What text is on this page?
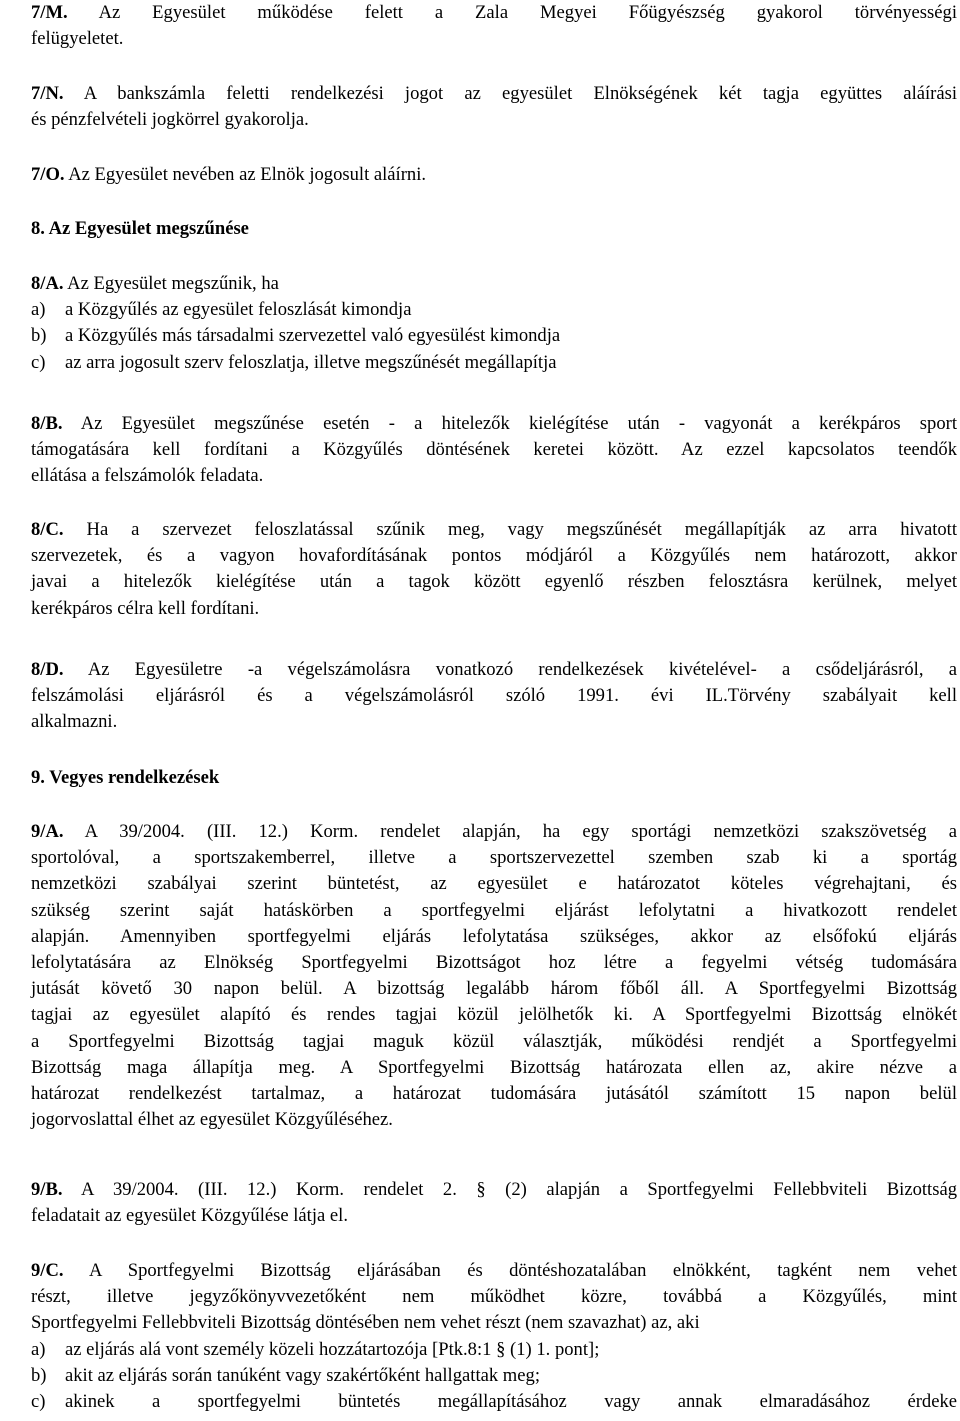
7/M. Az Egyesület működése felett a Zala Megyei Főügyészség gyakorol törvényességi
felügyeletet.
7/N. A bankszámla feletti rendelkezési jogot az egyesület Elnökségének két tagja együttes aláírási
és pénzfelvételi jogkörrel gyakorolja.
7/O. Az Egyesület nevében az Elnök jogosult aláírni.
8. Az Egyesület megszűnése
8/A. Az Egyesület megszűnik, ha
a) a Közgyűlés az egyesület feloszlását kimondja
b) a Közgyűlés más társadalmi szervezettel való egyesülést kimondja
c) az arra jogosult szerv feloszlatja, illetve megszűnését megállapítja
8/B. Az Egyesület megszűnése esetén - a hitelezők kielégítése után - vagyonát a kerékpáros sport
támogatására kell fordítani a Közgyűlés döntésének keretei között. Az ezzel kapcsolatos teendők
ellátása a felszámolók feladata.
8/C. Ha a szervezet feloszlatással szűnik meg, vagy megszűnését megállapítják az arra hivatott
szervezetek, és a vagyon hovafordításának pontos módjáról a Közgyűlés nem határozott, akkor
javai a hitelezők kielégítése után a tagok között egyenlő részben felosztásra kerülnek, melyet
kerékpáros célra kell fordítani.
8/D. Az Egyesületre -a végelszámolásra vonatkozó rendelkezések kivételével- a csődeljárásról, a
felszámolási eljárásról és a végelszámolásról szóló 1991. évi IL.Törvény szabályait kell
alkalmazni.
9. Vegyes rendelkezések
9/A. A 39/2004. (III. 12.) Korm. rendelet alapján, ha egy sportági nemzetközi szakszövetség a
sportolóval, a sportszakemberrel, illetve a sportszervezettel szemben szab ki a sportág
nemzetközi szabályai szerint büntetést, az egyesület e határozatot köteles végrehajtani, és
szükség szerint saját hatáskörben a sportfegyelmi eljárást lefolytatni a hivatkozott rendelet
alapján. Amennyiben sportfegyelmi eljárás lefolytatása szükséges, akkor az elsőfokú eljárás
lefolytatására az Elnökség Sportfegyelmi Bizottságot hoz létre a fegyelmi vétség tudomására
jutását követő 30 napon belül. A bizottság legalább három főből áll. A Sportfegyelmi Bizottság
tagjai az egyesület alapító és rendes tagjai közül jelölhetők ki. A Sportfegyelmi Bizottság elnökét
a Sportfegyelmi Bizottság tagjai maguk közül választják, működési rendjét a Sportfegyelmi
Bizottság maga állapítja meg. A Sportfegyelmi Bizottság határozata ellen az, akire nézve a
határozat rendelkezést tartalmaz, a határozat tudomására jutásától számított 15 napon belül
jogorvoslattal élhet az egyesület Közgyűléséhez.
9/B. A 39/2004. (III. 12.) Korm. rendelet 2. § (2) alapján a Sportfegyelmi Fellebbviteli Bizottság
feladatait az egyesület Közgyűlése látja el.
9/C. A Sportfegyelmi Bizottság eljárásában és döntéshozatalában elnökként, tagként nem vehet
részt, illetve jegyzőkönyvvezetőként nem működhet közre, továbbá a Közgyűlés, mint
Sportfegyelmi Fellebbviteli Bizottság döntésében nem vehet részt (nem szavazhat) az, aki
a) az eljárás alá vont személy közeli hozzátartozója [Ptk.8:1 § (1) 1. pont];
b) akit az eljárás során tanúként vagy szakértőként hallgattak meg;
c) akinek a sportfegyelmi büntetés megállapításához vagy annak elmaradásához érdeke
